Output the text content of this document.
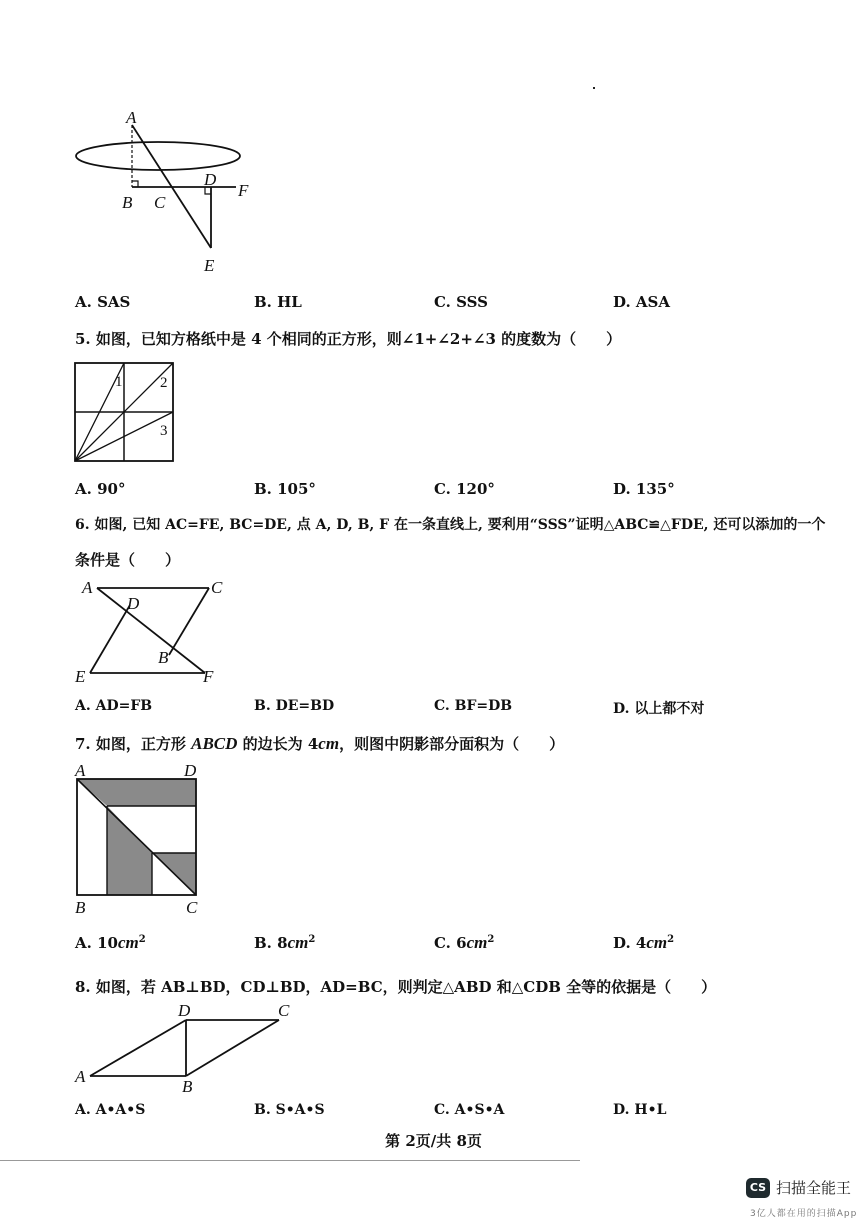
A
B C
D
F
E
A. SAS	B. HL	C. SSS	D. ASA
5. 如图，已知方格纸中是 4 个相同的正方形，则∠1+∠2+∠3 的度数为（　　）
1	2
3
A. 90°	B. 105°	C. 120°	D. 135°
6. 如图, 已知 AC=FE, BC=DE, 点 A, D, B, F 在一条直线上, 要利用“SSS”证明△ABC≌△FDE, 还可以添加的一个
条件是（　　）
A
D
C
B
E	F
A. AD=FB	B. DE=BD	C. BF=DB	D. 以上都不对
7. 如图，正方形 ABCD 的边长为 4cm，则图中阴影部分面积为（　　）
A	D
B	C
A. $10cm^2$	B. $8cm^2$	C. $6cm^2$	D. $4cm^2$
8. 如图，若 AB⊥BD，CD⊥BD，AD=BC，则判定△ABD 和△CDB 全等的依据是（　　）
A
B
D	C
A. A•A•S	B. S•A•S	C. A•S•A	D. H•L
第 2页/共 8页
CS 扫描全能王
3亿人都在用的扫描App
